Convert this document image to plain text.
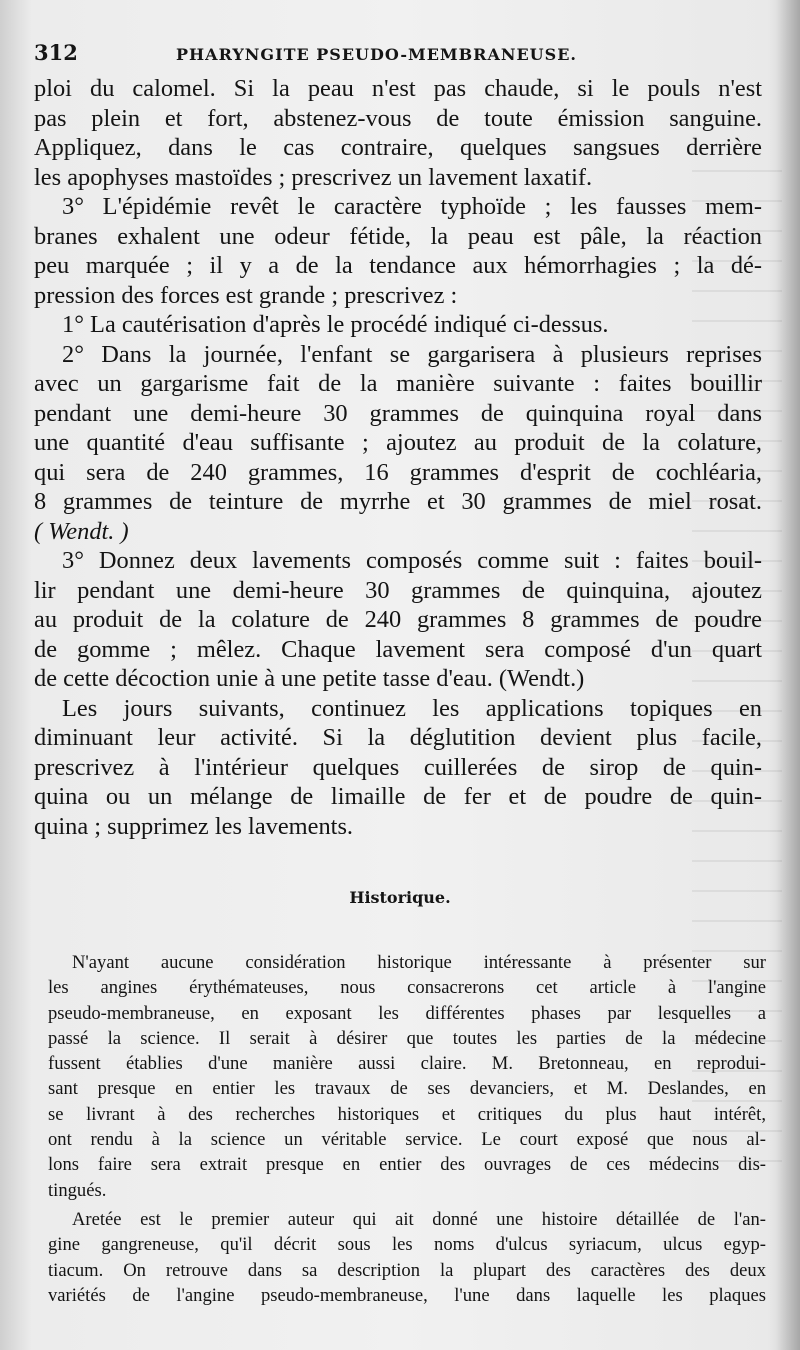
312	PHARYNGITE PSEUDO-MEMBRANEUSE.

ploi du calomel. Si la peau n'est pas chaude, si le pouls n'est
pas plein et fort, abstenez-vous de toute émission sanguine.
Appliquez, dans le cas contraire, quelques sangsues derrière
les apophyses mastoïdes ; prescrivez un lavement laxatif.

3° L'épidémie revêt le caractère typhoïde ; les fausses mem-
branes exhalent une odeur fétide, la peau est pâle, la réaction
peu marquée ; il y a de la tendance aux hémorrhagies ; la dé-
pression des forces est grande ; prescrivez :

1° La cautérisation d'après le procédé indiqué ci-dessus.

2° Dans la journée, l'enfant se gargarisera à plusieurs reprises
avec un gargarisme fait de la manière suivante : faites bouillir
pendant une demi-heure 30 grammes de quinquina royal dans
une quantité d'eau suffisante ; ajoutez au produit de la colature,
qui sera de 240 grammes, 16 grammes d'esprit de cochléaria,
8 grammes de teinture de myrrhe et 30 grammes de miel rosat.
( Wendt. )

3° Donnez deux lavements composés comme suit : faites bouil-
lir pendant une demi-heure 30 grammes de quinquina, ajoutez
au produit de la colature de 240 grammes 8 grammes de poudre
de gomme ; mêlez. Chaque lavement sera composé d'un quart
de cette décoction unie à une petite tasse d'eau. (Wendt.)

Les jours suivants, continuez les applications topiques en
diminuant leur activité. Si la déglutition devient plus facile,
prescrivez à l'intérieur quelques cuillerées de sirop de quin-
quina ou un mélange de limaille de fer et de poudre de quin-
quina ; supprimez les lavements.

Historique.

N'ayant aucune considération historique intéressante à présenter sur
les angines érythémateuses, nous consacrerons cet article à l'angine
pseudo-membraneuse, en exposant les différentes phases par lesquelles a
passé la science. Il serait à désirer que toutes les parties de la médecine
fussent établies d'une manière aussi claire. M. Bretonneau, en reprodui-
sant presque en entier les travaux de ses devanciers, et M. Deslandes, en
se livrant à des recherches historiques et critiques du plus haut intérêt,
ont rendu à la science un véritable service. Le court exposé que nous al-
lons faire sera extrait presque en entier des ouvrages de ces médecins dis-
tingués.

Aretée est le premier auteur qui ait donné une histoire détaillée de l'an-
gine gangreneuse, qu'il décrit sous les noms d'ulcus syriacum, ulcus egyp-
tiacum. On retrouve dans sa description la plupart des caractères des deux
variétés de l'angine pseudo-membraneuse, l'une dans laquelle les plaques
